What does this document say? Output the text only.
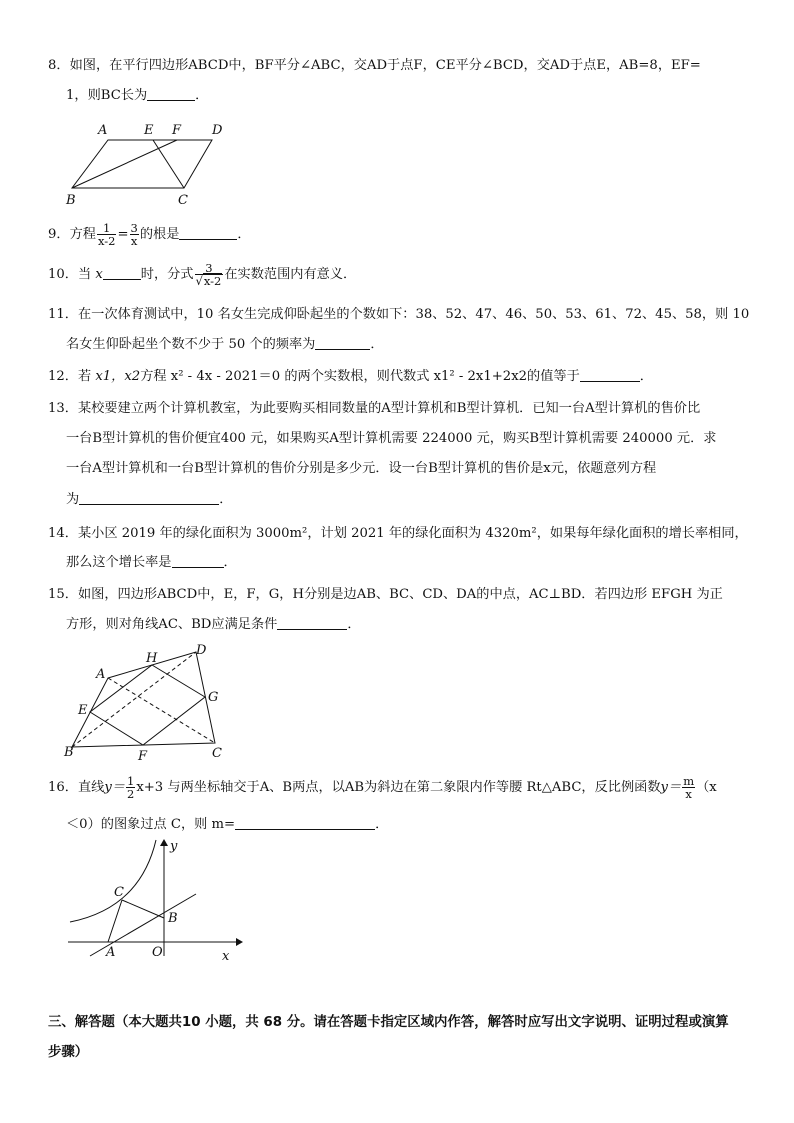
8．如图，在平行四边形ABCD中，BF平分∠ABC，交AD于点F，CE平分∠BCD，交AD于点E，AB=8，EF=
1，则BC长为	．
A	E F D
B	C
9．方程 $\frac{1}{x-2} = \frac{3}{x}$ 的根是	．
10．当 x	时，分式 $\frac{3}{√x-2}$ 在实数范围内有意义．
11．在一次体育测试中，10 名女生完成仰卧起坐的个数如下：38、52、47、46、50、53、61、72、45、58，则 10
名女生仰卧起坐个数不少于 50 个的频率为	．
12．若 x1，x2方程 x² - 4x - 2021＝0 的两个实数根，则代数式 x1² - 2x1+2x2的值等于	．
13．某校要建立两个计算机教室，为此要购买相同数量的A型计算机和B型计算机．已知一台A型计算机的售价比
一台B型计算机的售价便宜400 元，如果购买A型计算机需要 224000 元，购买B型计算机需要 240000 元．求
一台A型计算机和一台B型计算机的售价分别是多少元．设一台B型计算机的售价是x元，依题意列方程
为	．
14．某小区 2019 年的绿化面积为 3000m²，计划 2021 年的绿化面积为 4320m²，如果每年绿化面积的增长率相同，
那么这个增长率是	．
15．如图，四边形ABCD中，E，F，G，H分别是边AB、BC、CD、DA的中点，AC⊥BD．若四边形 EFGH 为正
方形，则对角线AC、BD应满足条件	．
H
D
A
G
E
B	F	C
16．直线$y= \frac{1}{2} x+3$ 与两坐标轴交于A、B两点，以AB为斜边在第二象限内作等腰 Rt△ABC，反比例函数$y= \frac{m}{x} (x$
＜0）的图象过点 C，则 m=	．
y
C
B
A	O	x
三、解答题（本大题共10 小题，共 68 分。请在答题卡指定区域内作答，解答时应写出文字说明、证明过程或演算
步骤）
